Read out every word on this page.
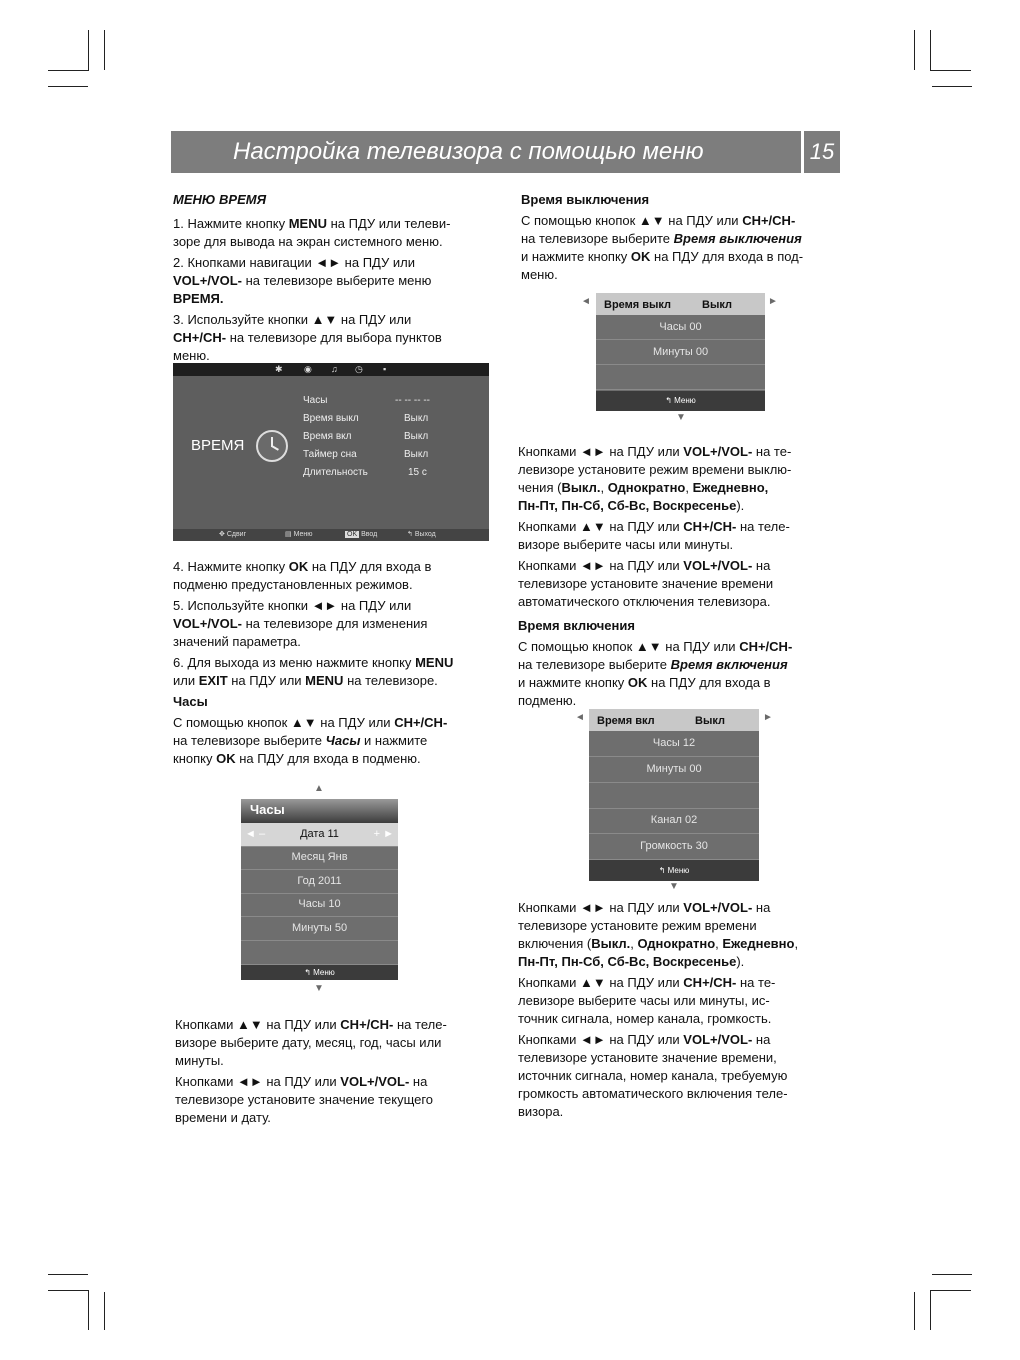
Настройка телевизора с помощью меню	15

МЕНЮ ВРЕМЯ

1. Нажмите кнопку MENU на ПДУ или телеви-
зоре для вывода на экран системного меню.

2. Кнопками навигации ◄► на ПДУ или
VOL+/VOL- на телевизоре выберите меню
ВРЕМЯ.

3. Используйте кнопки ▲▼ на ПДУ или
CH+/CH- на телевизоре для выбора пунктов
меню.

✱ ◉ ♫ ◷ ▪
ВРЕМЯ
Часы	-- -- -- --
Время выкл	Выкл
Время вкл	Выкл
Таймер сна	Выкл
Длительность	15 с
✥ Сдвиг	▤ Меню	OK Ввод	↰ Выход

4. Нажмите кнопку OK на ПДУ для входа в
подменю предустановленных режимов.

5. Используйте кнопки ◄► на ПДУ или
VOL+/VOL- на телевизоре для изменения
значений параметра.

6. Для выхода из меню нажмите кнопку MENU
или EXIT на ПДУ или MENU на телевизоре.

Часы

С помощью кнопок ▲▼ на ПДУ или CH+/CH-
на телевизоре выберите Часы и нажмите
кнопку OK на ПДУ для входа в подменю.

▲
Часы
◄ –	Дата 11	+ ►
Месяц Янв
Год 2011
Часы 10
Минуты 50
↰ Меню
▼

Кнопками ▲▼ на ПДУ или CH+/CH- на теле-
визоре выберите дату, месяц, год, часы или
минуты.

Кнопками ◄► на ПДУ или VOL+/VOL- на
телевизоре установите значение текущего
времени и дату.

Время выключения

С помощью кнопок ▲▼ на ПДУ или CH+/CH-
на телевизоре выберите Время выключения
и нажмите кнопку OK на ПДУ для входа в под-
меню.

◄	►
Время выкл	Выкл
Часы 00
Минуты 00
↰ Меню
▼

Кнопками ◄► на ПДУ или VOL+/VOL- на те-
левизоре установите режим времени выклю-
чения (Выкл., Однократно, Ежедневно,
Пн-Пт, Пн-Сб, Сб-Вс, Воскресенье).

Кнопками ▲▼ на ПДУ или CH+/CH- на теле-
визоре выберите часы или минуты.

Кнопками ◄► на ПДУ или VOL+/VOL- на
телевизоре установите значение времени
автоматического отключения телевизора.

Время включения

С помощью кнопок ▲▼ на ПДУ или CH+/CH-
на телевизоре выберите Время включения
и нажмите кнопку OK на ПДУ для входа в
подменю.

◄	►
Время вкл	Выкл
Часы 12
Минуты 00
Канал 02
Громкость 30
↰ Меню
▼

Кнопками ◄► на ПДУ или VOL+/VOL- на
телевизоре установите режим времени
включения (Выкл., Однократно, Ежедневно,
Пн-Пт, Пн-Сб, Сб-Вс, Воскресенье).

Кнопками ▲▼ на ПДУ или CH+/CH- на те-
левизоре выберите часы или минуты, ис-
точник сигнала, номер канала, громкость.

Кнопками ◄► на ПДУ или VOL+/VOL- на
телевизоре установите значение времени,
источник сигнала, номер канала, требуемую
громкость автоматического включения теле-
визора.
